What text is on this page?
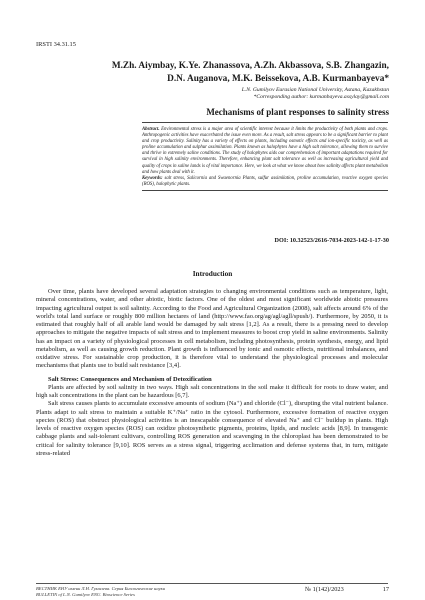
IRSTI 34.31.15
M.Zh. Aiymbay, K.Ye. Zhanassova, A.Zh. Akbassova, S.B. Zhangazin,
D.N. Auganova, M.K. Beissekova, A.B. Kurmanbayeva*
L.N. Gumilyov Eurasian National University, Astana, Kazakhstan
*Corresponding author: kurmanbayeva.assylay@gmail.com
Mechanisms of plant responses to salinity stress

Abstract. Environmental stress is a major area of scientific interest because it limits the productivity of both plants and crops. Anthropogenic activities have exacerbated the issue even more. As a result, salt stress appears to be a significant barrier to plant and crop productivity. Salinity has a variety of effects on plants, including osmotic effects and ion-specific toxicity, as well as proline accumulation and sulphur assimilation. Plants known as halophytes have a high salt tolerance, allowing them to survive and thrive in extremely saline conditions. The study of halophytes aids our comprehension of important adaptations required for survival in high salinity environments. Therefore, enhancing plant salt tolerance as well as increasing agricultural yield and quality of crops in saline lands is of vital importance. Here, we look at what we know about how salinity affects plant metabolism and how plants deal with it.

Keywords: salt stress, Salicornia and Swaenornia Plants, sulfur assimilation, proline accumulation, reactive oxygen species (ROS), halophytic plants.

DOI: 10.32523/2616-7034-2023-142-1-17-30
Introduction

Over time, plants have developed several adaptation strategies to changing environmental conditions such as temperature, light, mineral concentrations, water, and other abiotic, biotic factors. One of the oldest and most significant worldwide abiotic pressures impacting agricultural output is soil salinity. According to the Food and Agricultural Organization (2008), salt affects around 6% of the world's total land surface or roughly 800 million hectares of land (http://www.fao.org/ag/agl/agll/spush/). Furthermore, by 2050, it is estimated that roughly half of all arable land would be damaged by salt stress [1,2]. As a result, there is a pressing need to develop approaches to mitigate the negative impacts of salt stress and to implement measures to boost crop yield in saline environments. Salinity has an impact on a variety of physiological processes in cell metabolism, including photosynthesis, protein synthesis, energy, and lipid metabolism, as well as causing growth reduction. Plant growth is influenced by ionic and osmotic effects, nutritional imbalances, and oxidative stress. For sustainable crop production, it is therefore vital to understand the physiological processes and molecular mechanisms that plants use to build salt resistance [3,4].

Salt Stress: Consequences and Mechanism of Detoxification

Plants are affected by soil salinity in two ways. High salt concentrations in the soil make it difficult for roots to draw water, and high salt concentrations in the plant can be hazardous [6,7].

Salt stress causes plants to accumulate excessive amounts of sodium (Na⁺) and chloride (Cl⁻), disrupting the vital nutrient balance. Plants adapt to salt stress to maintain a suitable K⁺/Na⁺ ratio in the cytosol. Furthermore, excessive formation of reactive oxygen species (ROS) that obstruct physiological activities is an inescapable consequence of elevated Na⁺ and Cl⁻ buildup in plants. High levels of reactive oxygen species (ROS) can oxidize photosynthetic pigments, proteins, lipids, and nucleic acids [8,9]. In transgenic cabbage plants and salt-tolerant cultivars, controlling ROS generation and scavenging in the chloroplast has been demonstrated to be critical for salinity tolerance [9,10]. ROS serves as a stress signal, triggering acclimation and defense systems that, in turn, mitigate stress-related

ВЕСТНИК ЕНУ имени Л.Н. Гумилева. Серия Биологические науки
BULLETIN of L.N. Gumilyov ENU. Bioscience Series
№ 1(142)/2023	17
